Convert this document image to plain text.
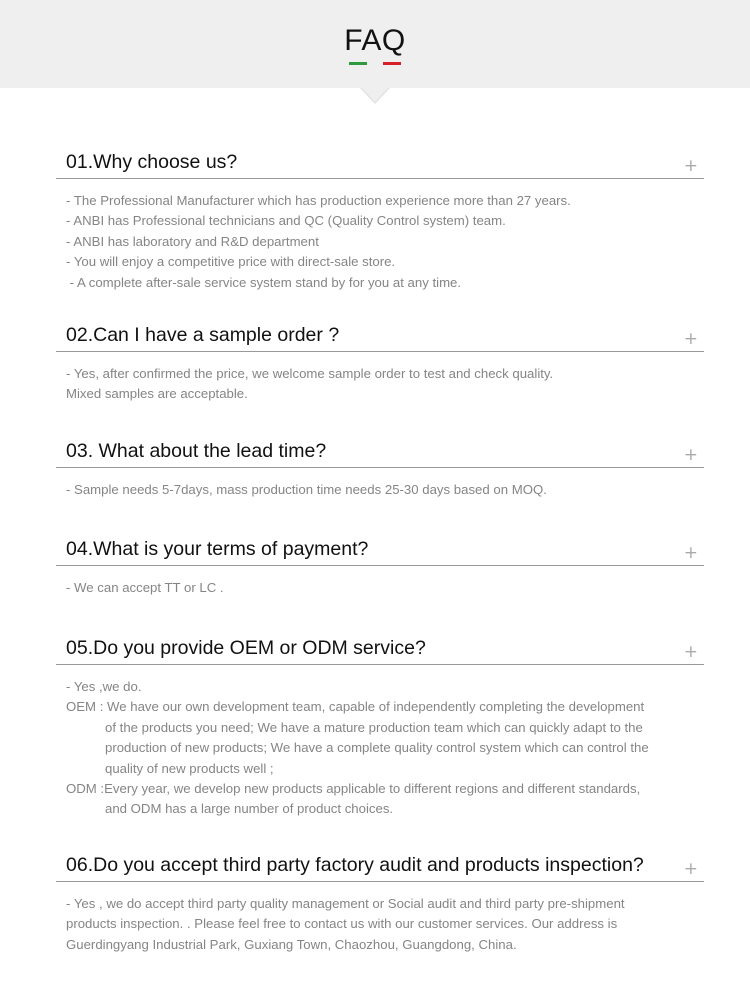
FAQ
01.Why choose us?	+
- The Professional Manufacturer which has production experience more than 27 years.
- ANBI has Professional technicians and QC (Quality Control system) team.
- ANBI has laboratory and R&D department
- You will enjoy a competitive price with direct-sale store.
- A complete after-sale service system stand by for you at any time.
02.Can I have a sample order ?	+
- Yes, after confirmed the price, we welcome sample order to test and check quality.
Mixed samples are acceptable.
03. What about the lead time?	+
- Sample needs 5-7days, mass production time needs 25-30 days based on MOQ.
04.What is your terms of payment?	+
- We can accept TT or LC .
05.Do you provide OEM or ODM service?	+
- Yes ,we do.
OEM : We have our own development team, capable of independently completing the development
of the products you need; We have a mature production team which can quickly adapt to the
production of new products; We have a complete quality control system which can control the
quality of new products well ;
ODM :Every year, we develop new products applicable to different regions and different standards,
and ODM has a large number of product choices.
06.Do you accept third party factory audit and products inspection? +
- Yes , we do accept third party quality management or Social audit and third party pre-shipment
products inspection. . Please feel free to contact us with our customer services. Our address is
Guerdingyang Industrial Park, Guxiang Town, Chaozhou, Guangdong, China.
